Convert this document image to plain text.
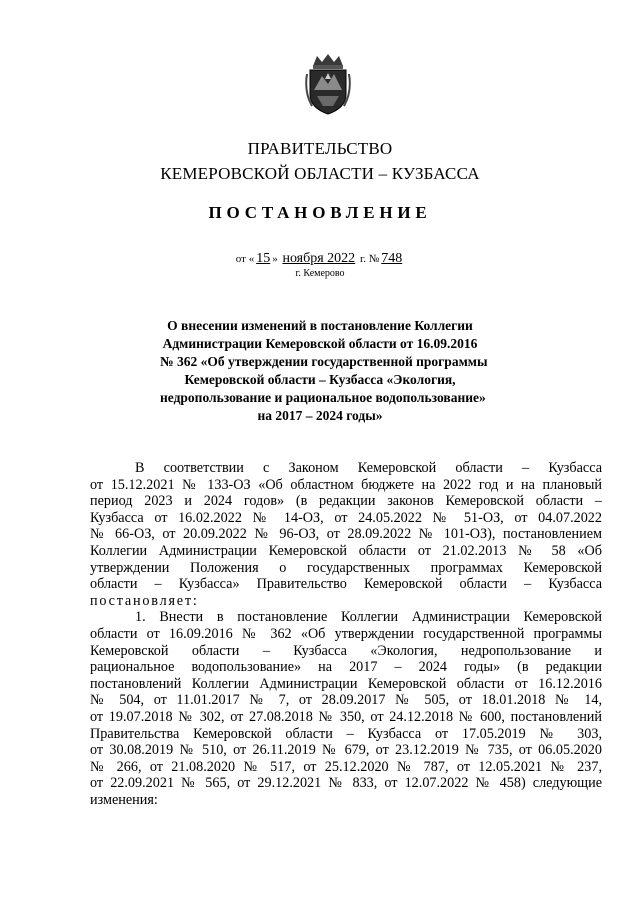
ПРАВИТЕЛЬСТВО
КЕМЕРОВСКОЙ ОБЛАСТИ – КУЗБАССА
ПОСТАНОВЛЕНИЕ
от « 15 » ноября 2022 г. № 748
г. Кемерово
О внесении изменений в постановление Коллегии
Администрации Кемеровской области от 16.09.2016
№ 362 «Об утверждении государственной программы
Кемеровской области – Кузбасса «Экология,
недропользование и рациональное водопользование»
на 2017 – 2024 годы»
В соответствии с Законом Кемеровской области – Кузбасса
от 15.12.2021 № 133-ОЗ «Об областном бюджете на 2022 год и на плановый
период 2023 и 2024 годов» (в редакции законов Кемеровской области –
Кузбасса от 16.02.2022 № 14-ОЗ, от 24.05.2022 № 51-ОЗ, от 04.07.2022
№ 66-ОЗ, от 20.09.2022 № 96-ОЗ, от 28.09.2022 № 101-ОЗ), постановлением
Коллегии Администрации Кемеровской области от 21.02.2013 № 58 «Об
утверждении Положения о государственных программах Кемеровской
области – Кузбасса» Правительство Кемеровской области – Кузбасса
постановляет:
1. Внести в постановление Коллегии Администрации Кемеровской
области от 16.09.2016 № 362 «Об утверждении государственной программы
Кемеровской области – Кузбасса «Экология, недропользование и
рациональное водопользование» на 2017 – 2024 годы» (в редакции
постановлений Коллегии Администрации Кемеровской области от 16.12.2016
№ 504, от 11.01.2017 № 7, от 28.09.2017 № 505, от 18.01.2018 № 14,
от 19.07.2018 № 302, от 27.08.2018 № 350, от 24.12.2018 № 600, постановлений
Правительства Кемеровской области – Кузбасса от 17.05.2019 № 303,
от 30.08.2019 № 510, от 26.11.2019 № 679, от 23.12.2019 № 735, от 06.05.2020
№ 266, от 21.08.2020 № 517, от 25.12.2020 № 787, от 12.05.2021 № 237,
от 22.09.2021 № 565, от 29.12.2021 № 833, от 12.07.2022 № 458) следующие
изменения:
